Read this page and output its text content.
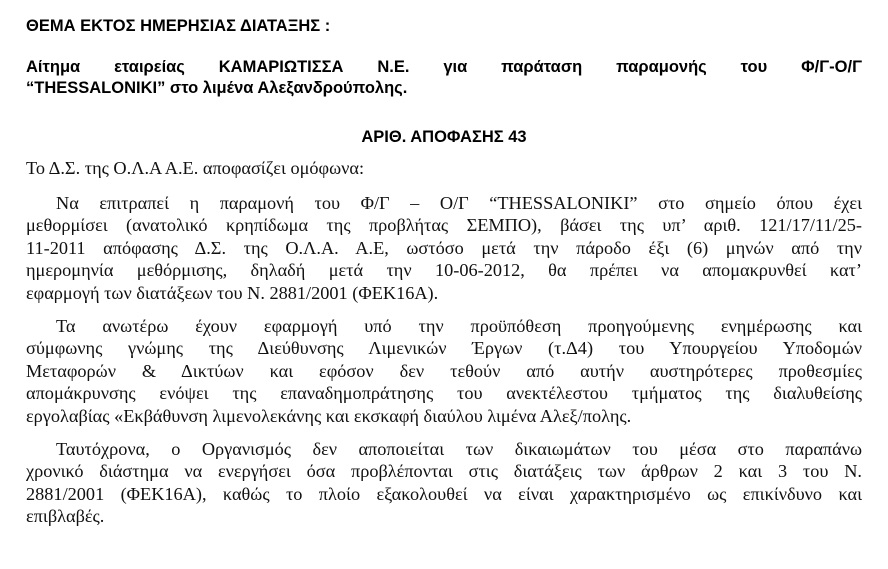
ΘΕΜΑ ΕΚΤΟΣ ΗΜΕΡΗΣΙΑΣ ΔΙΑΤΑΞΗΣ :
Αίτημα εταιρείας ΚΑΜΑΡΙΩΤΙΣΣΑ Ν.Ε. για παράταση παραμονής του Φ/Γ-Ο/Γ
“THESSALONIKI” στο λιμένα Αλεξανδρούπολης.
ΑΡΙΘ. ΑΠΟΦΑΣΗΣ 43
Το Δ.Σ. της Ο.Λ.Α Α.Ε. αποφασίζει ομόφωνα:
Να επιτραπεί η παραμονή του Φ/Γ – Ο/Γ “THESSALONIKI” στο σημείο όπου έχει
μεθορμίσει (ανατολικό κρηπίδωμα της προβλήτας ΣΕΜΠΟ), βάσει της υπ’ αριθ. 121/17/11/25-
11-2011 απόφασης Δ.Σ. της Ο.Λ.Α. Α.Ε, ωστόσο μετά την πάροδο έξι (6) μηνών από την
ημερομηνία μεθόρμισης, δηλαδή μετά την 10-06-2012, θα πρέπει να απομακρυνθεί κατ’
εφαρμογή των διατάξεων του Ν. 2881/2001 (ΦΕΚ16Α).
Τα ανωτέρω έχουν εφαρμογή υπό την προϋπόθεση προηγούμενης ενημέρωσης και
σύμφωνης γνώμης της Διεύθυνσης Λιμενικών Έργων (τ.Δ4) του Υπουργείου Υποδομών
Μεταφορών & Δικτύων και εφόσον δεν τεθούν από αυτήν αυστηρότερες προθεσμίες
απομάκρυνσης ενόψει της επαναδημοπράτησης του ανεκτέλεστου τμήματος της διαλυθείσης
εργολαβίας «Εκβάθυνση λιμενολεκάνης και εκσκαφή διαύλου λιμένα Αλεξ/πολης.
Ταυτόχρονα, ο Οργανισμός δεν αποποιείται των δικαιωμάτων του μέσα στο παραπάνω
χρονικό διάστημα να ενεργήσει όσα προβλέπονται στις διατάξεις των άρθρων 2 και 3 του Ν.
2881/2001 (ΦΕΚ16Α), καθώς το πλοίο εξακολουθεί να είναι χαρακτηρισμένο ως επικίνδυνο και
επιβλαβές.
